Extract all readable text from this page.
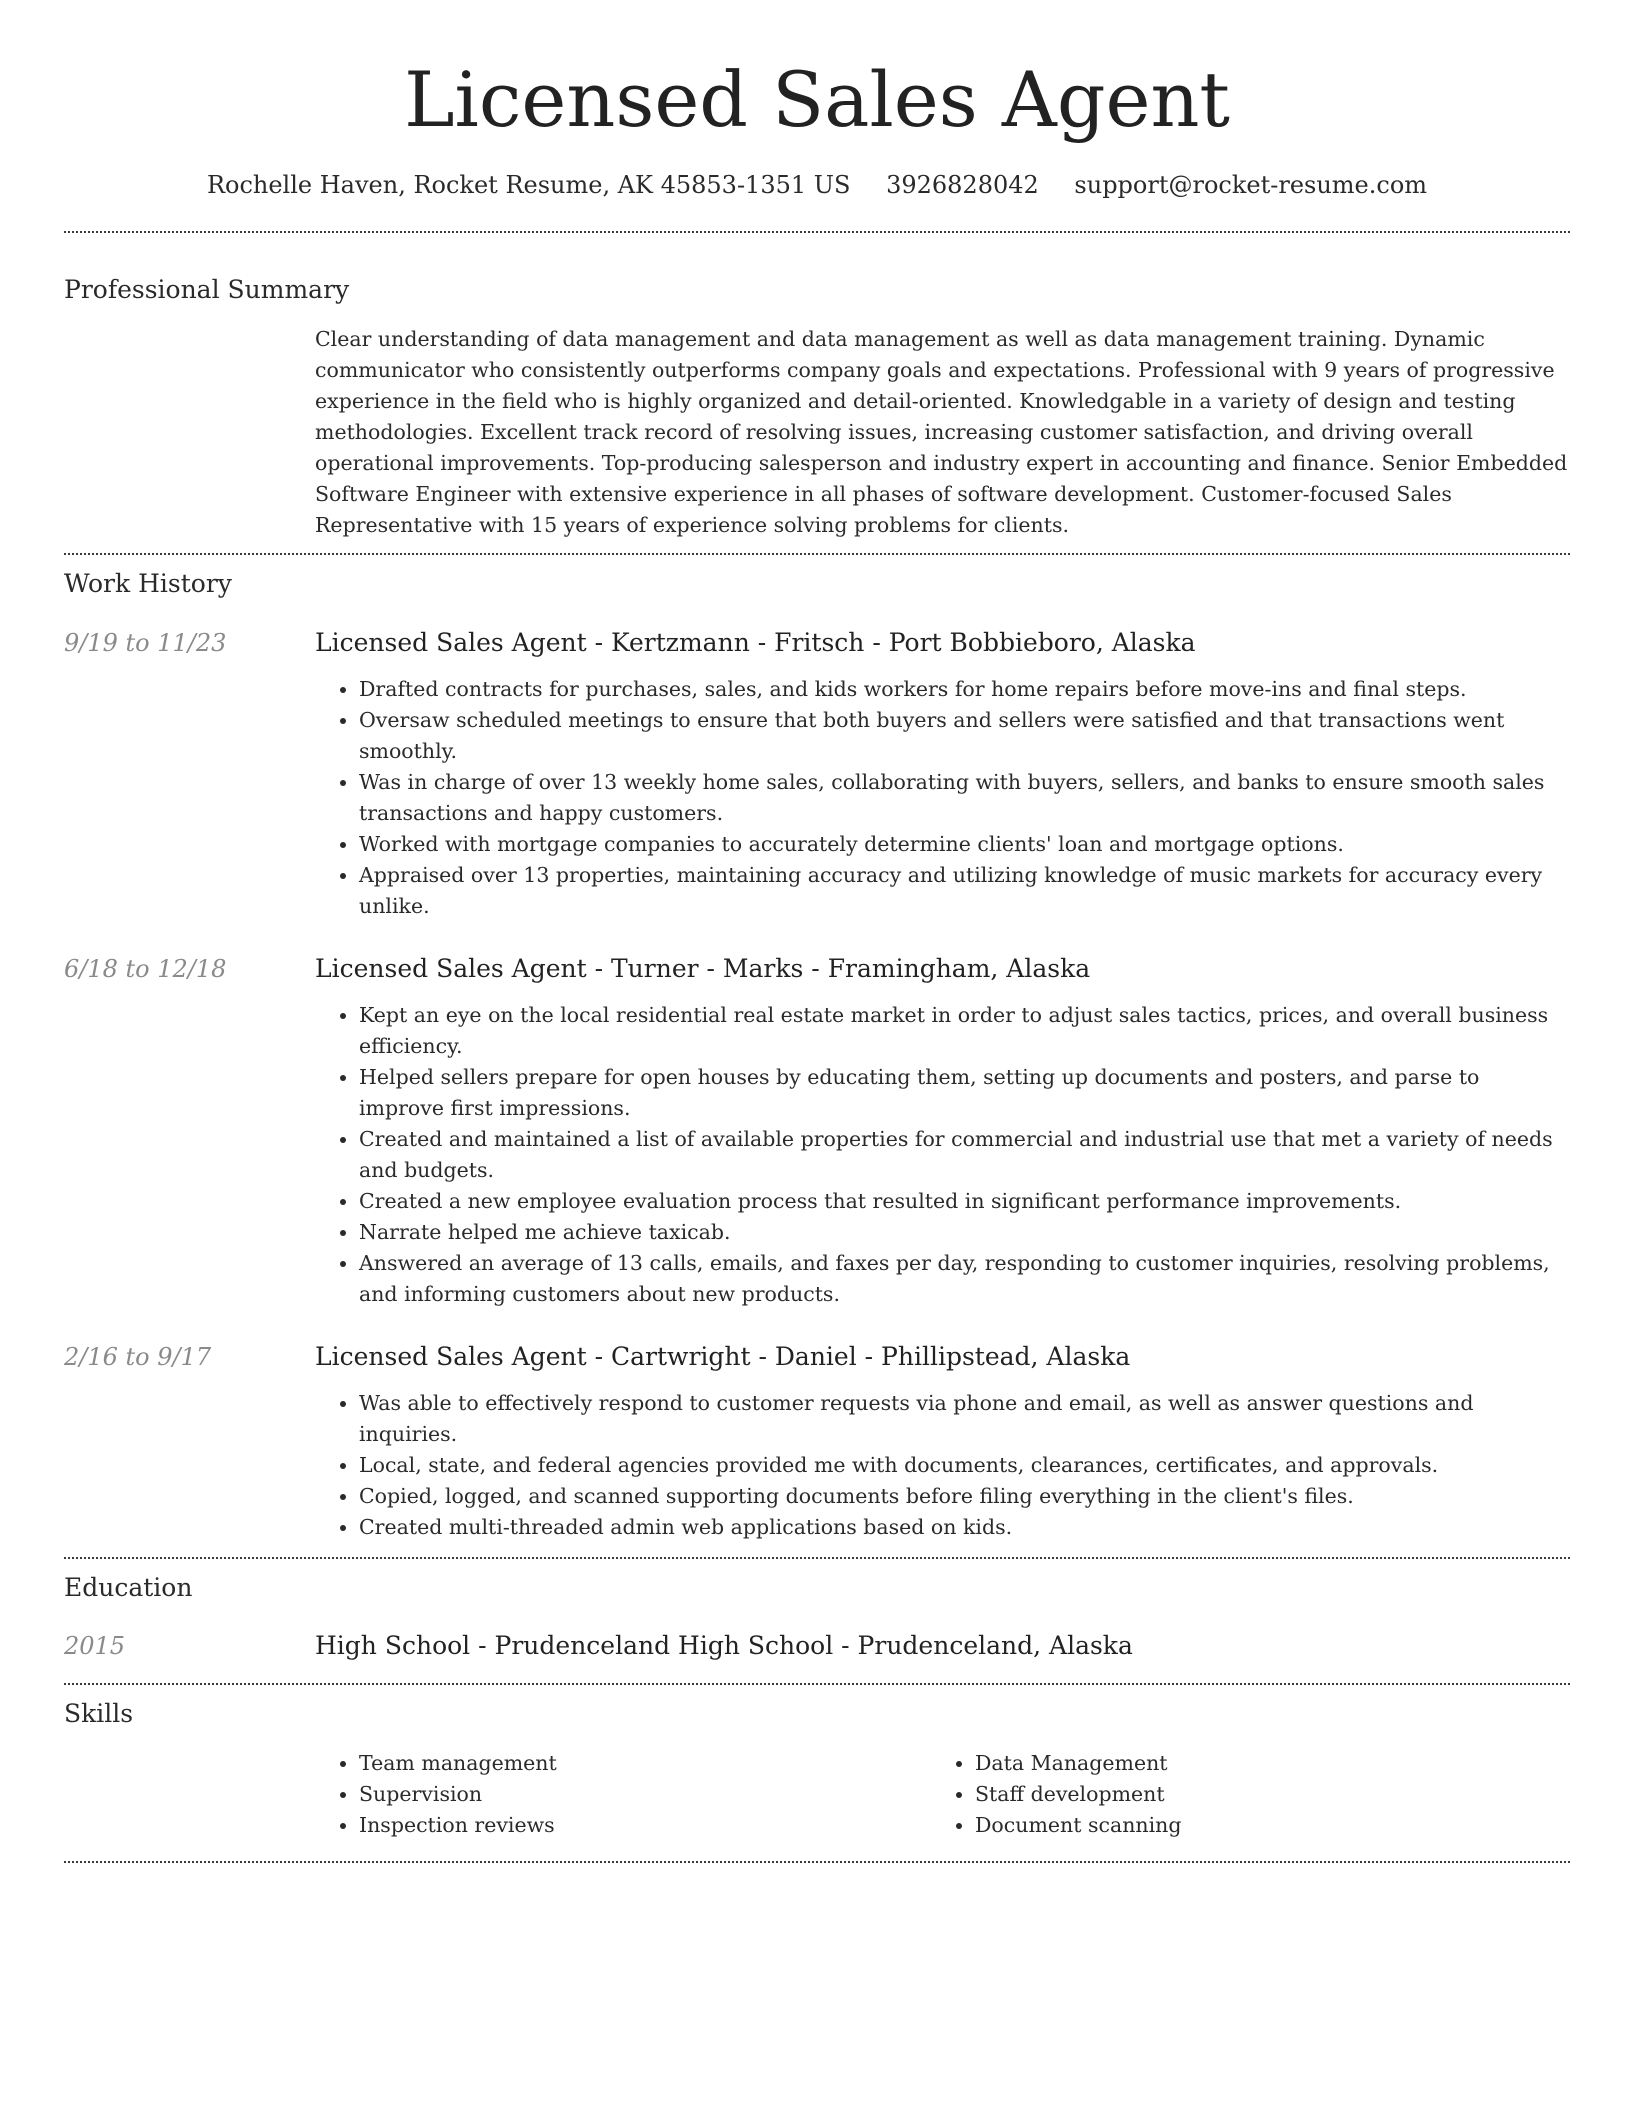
Licensed Sales Agent
Rochelle Haven, Rocket Resume, AK 45853-1351 US 3926828042 support@rocket-resume.com
Professional Summary
Clear understanding of data management and data management as well as data management training. Dynamic communicator who consistently outperforms company goals and expectations. Professional with 9 years of progressive experience in the field who is highly organized and detail-oriented. Knowledgable in a variety of design and testing methodologies. Excellent track record of resolving issues, increasing customer satisfaction, and driving overall operational improvements. Top-producing salesperson and industry expert in accounting and finance. Senior Embedded Software Engineer with extensive experience in all phases of software development. Customer-focused Sales Representative with 15 years of experience solving problems for clients.
Work History
9/19 to 11/23	Licensed Sales Agent - Kertzmann - Fritsch - Port Bobbieboro, Alaska
• Drafted contracts for purchases, sales, and kids workers for home repairs before move-ins and final steps.
• Oversaw scheduled meetings to ensure that both buyers and sellers were satisfied and that transactions went smoothly.
• Was in charge of over 13 weekly home sales, collaborating with buyers, sellers, and banks to ensure smooth sales transactions and happy customers.
• Worked with mortgage companies to accurately determine clients' loan and mortgage options.
• Appraised over 13 properties, maintaining accuracy and utilizing knowledge of music markets for accuracy every unlike.
6/18 to 12/18	Licensed Sales Agent - Turner - Marks - Framingham, Alaska
• Kept an eye on the local residential real estate market in order to adjust sales tactics, prices, and overall business efficiency.
• Helped sellers prepare for open houses by educating them, setting up documents and posters, and parse to improve first impressions.
• Created and maintained a list of available properties for commercial and industrial use that met a variety of needs and budgets.
• Created a new employee evaluation process that resulted in significant performance improvements.
• Narrate helped me achieve taxicab.
• Answered an average of 13 calls, emails, and faxes per day, responding to customer inquiries, resolving problems, and informing customers about new products.
2/16 to 9/17	Licensed Sales Agent - Cartwright - Daniel - Phillipstead, Alaska
• Was able to effectively respond to customer requests via phone and email, as well as answer questions and inquiries.
• Local, state, and federal agencies provided me with documents, clearances, certificates, and approvals.
• Copied, logged, and scanned supporting documents before filing everything in the client's files.
• Created multi-threaded admin web applications based on kids.
Education
2015	High School - Prudenceland High School - Prudenceland, Alaska
Skills
• Team management
• Supervision
• Inspection reviews
• Data Management
• Staff development
• Document scanning
